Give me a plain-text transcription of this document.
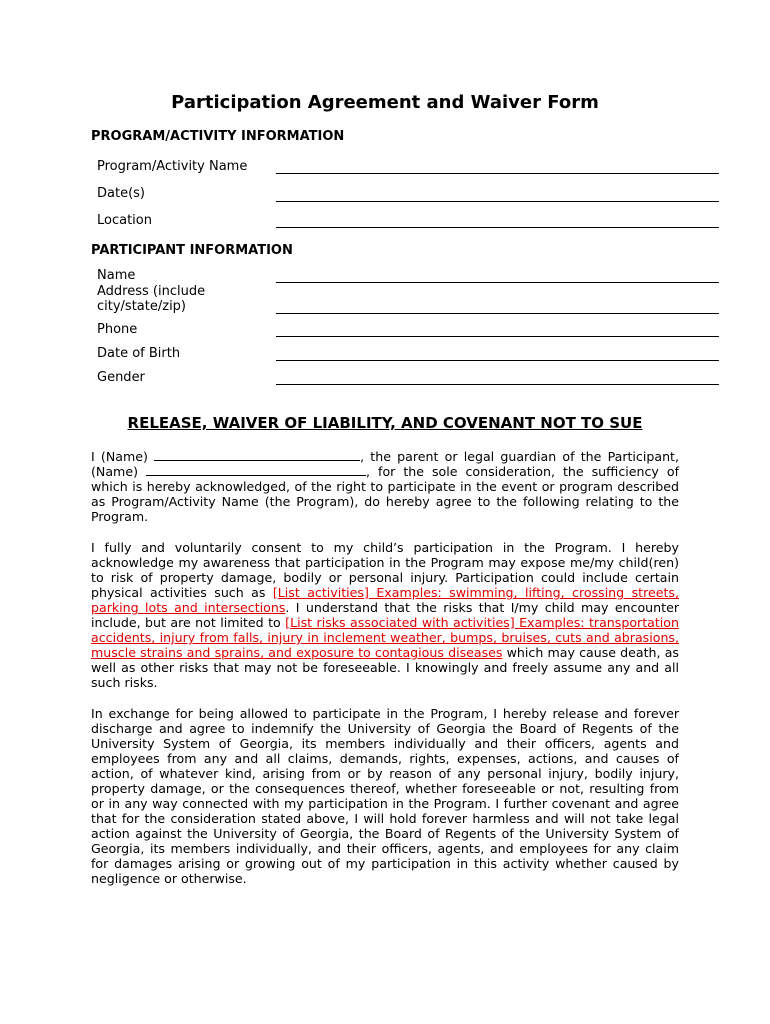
Participation Agreement and Waiver Form
PROGRAM/ACTIVITY INFORMATION
Program/Activity Name
Date(s)
Location
PARTICIPANT INFORMATION
Name
Address (include
city/state/zip)
Phone
Date of Birth
Gender
RELEASE, WAIVER OF LIABILITY, AND COVENANT NOT TO SUE

I (Name)	, the parent or legal guardian of the Participant, (Name)	, for the sole consideration, the sufficiency of which is hereby acknowledged, of the right to participate in the event or program described as Program/Activity Name (the Program), do hereby agree to the following relating to the Program.

I fully and voluntarily consent to my child’s participation in the Program. I hereby acknowledge my awareness that participation in the Program may expose me/my child(ren) to risk of property damage, bodily or personal injury. Participation could include certain physical activities such as [List activities] Examples: swimming, lifting, crossing streets, parking lots and intersections. I understand that the risks that I/my child may encounter include, but are not limited to [List risks associated with activities] Examples: transportation accidents, injury from falls, injury in inclement weather, bumps, bruises, cuts and abrasions, muscle strains and sprains, and exposure to contagious diseases which may cause death, as well as other risks that may not be foreseeable. I knowingly and freely assume any and all such risks.

In exchange for being allowed to participate in the Program, I hereby release and forever discharge and agree to indemnify the University of Georgia the Board of Regents of the University System of Georgia, its members individually and their officers, agents and employees from any and all claims, demands, rights, expenses, actions, and causes of action, of whatever kind, arising from or by reason of any personal injury, bodily injury, property damage, or the consequences thereof, whether foreseeable or not, resulting from or in any way connected with my participation in the Program. I further covenant and agree that for the consideration stated above, I will hold forever harmless and will not take legal action against the University of Georgia, the Board of Regents of the University System of Georgia, its members individually, and their officers, agents, and employees for any claim for damages arising or growing out of my participation in this activity whether caused by negligence or otherwise.
